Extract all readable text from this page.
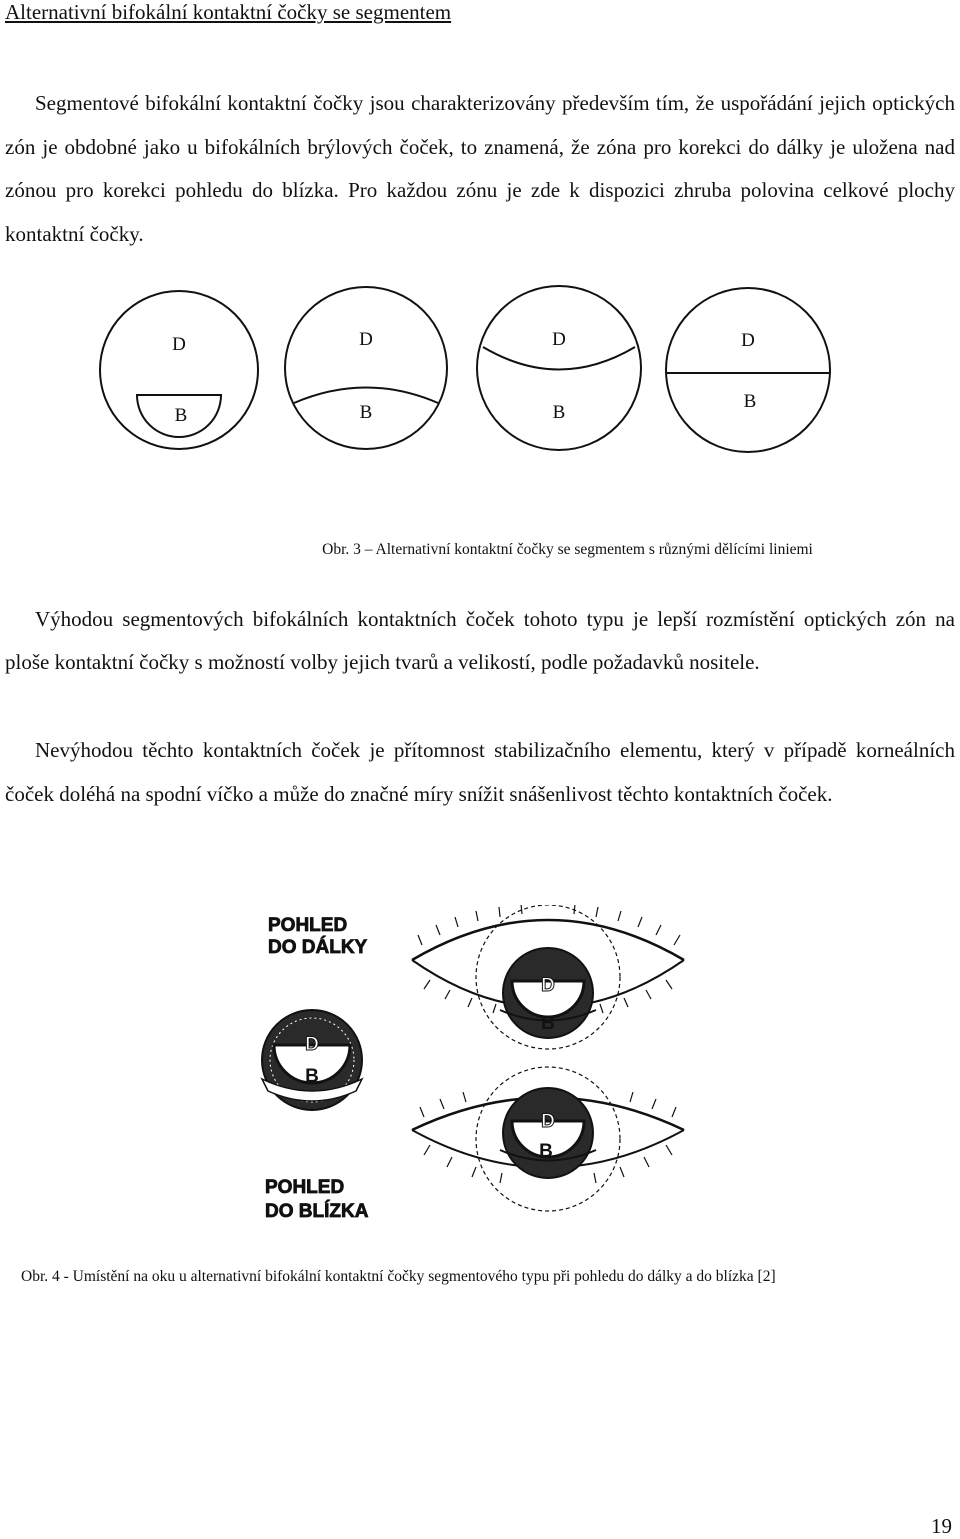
Alternativní bifokální kontaktní čočky se segmentem

Segmentové bifokální kontaktní čočky jsou charakterizovány především tím, že uspořádání jejich optických zón je obdobné jako u bifokálních brýlových čoček, to znamená, že zóna pro korekci do dálky je uložena nad zónou pro korekci pohledu do blízka. Pro každou zónu je zde k dispozici zhruba polovina celkové plochy kontaktní čočky.

D
B
D
B
D
B
D
B

Obr. 3 – Alternativní kontaktní čočky se segmentem s různými dělícími liniemi

Výhodou segmentových bifokálních kontaktních čoček tohoto typu je lepší rozmístění optických zón na ploše kontaktní čočky s možností volby jejich tvarů a velikostí, podle požadavků nositele.

Nevýhodou těchto kontaktních čoček je přítomnost stabilizačního elementu, který v případě korneálních čoček doléhá na spodní víčko a může do značné míry snížit snášenlivost těchto kontaktních čoček.

POHLED
DO DÁLKY
POHLED
DO BLÍZKA
D
B
D
B
D
B

Obr. 4 - Umístění na oku u alternativní bifokální kontaktní čočky segmentového typu při pohledu do dálky a do blízka [2]

19
